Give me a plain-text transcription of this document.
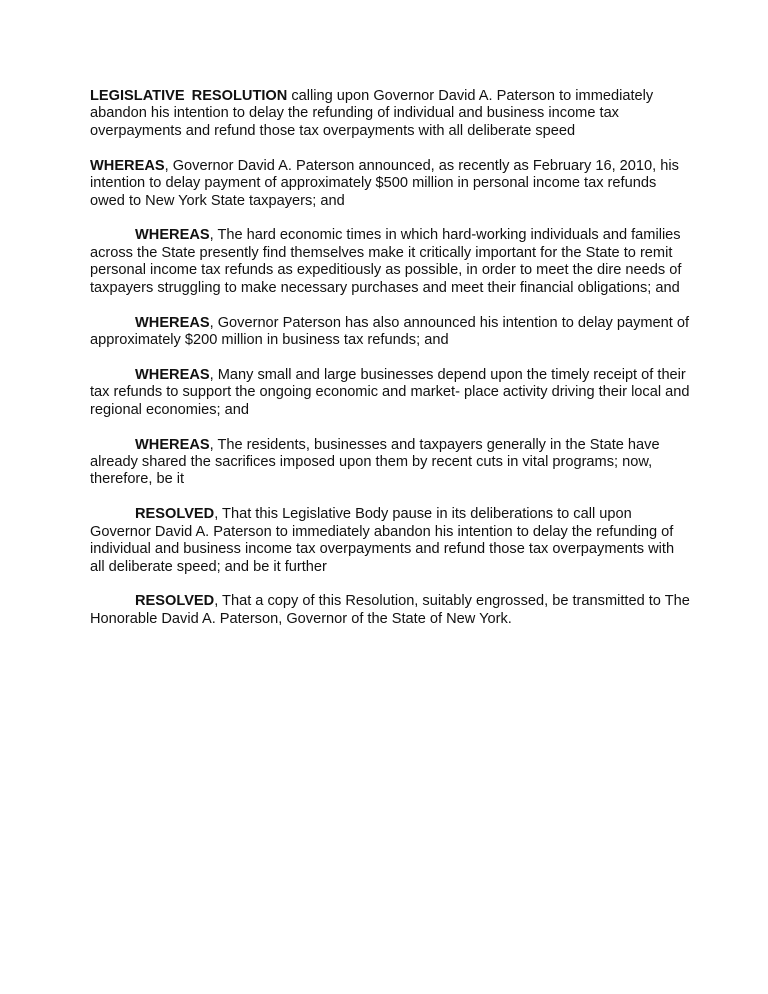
LEGISLATIVE RESOLUTION calling upon Governor David A. Paterson to immediately abandon his intention to delay the refunding of individual and business income tax overpayments and refund those tax overpayments with all deliberate speed

WHEREAS, Governor David A. Paterson announced, as recently as February 16, 2010, his intention to delay payment of approximately $500 million in personal income tax refunds owed to New York State taxpayers; and

WHEREAS, The hard economic times in which hard-working individuals and families across the State presently find themselves make it critically important for the State to remit personal income tax refunds as expeditiously as possible, in order to meet the dire needs of taxpayers struggling to make necessary purchases and meet their financial obligations; and

WHEREAS, Governor Paterson has also announced his intention to delay payment of approximately $200 million in business tax refunds; and

WHEREAS, Many small and large businesses depend upon the timely receipt of their tax refunds to support the ongoing economic and market- place activity driving their local and regional economies; and

WHEREAS, The residents, businesses and taxpayers generally in the State have already shared the sacrifices imposed upon them by recent cuts in vital programs; now, therefore, be it

RESOLVED, That this Legislative Body pause in its deliberations to call upon Governor David A. Paterson to immediately abandon his intention to delay the refunding of individual and business income tax overpayments and refund those tax overpayments with all deliberate speed; and be it further

RESOLVED, That a copy of this Resolution, suitably engrossed, be transmitted to The Honorable David A. Paterson, Governor of the State of New York.
